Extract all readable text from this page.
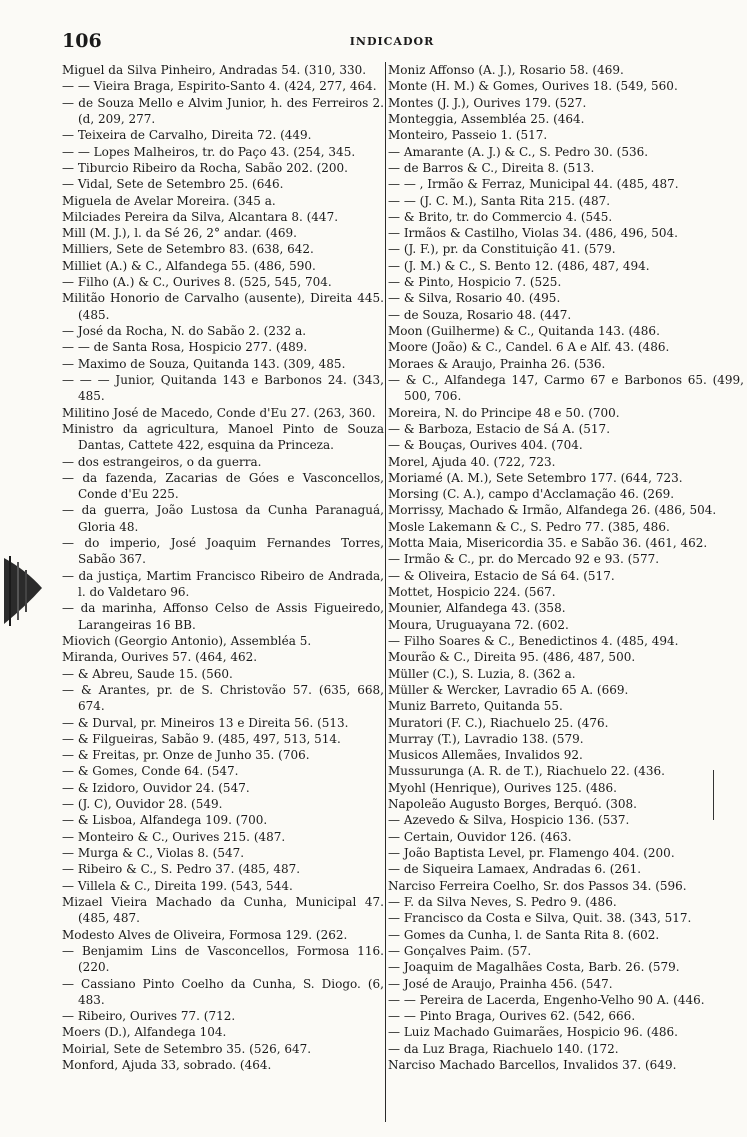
106	INDICADOR
Miguel da Silva Pinheiro, Andradas 54. (310, 330.
— — Vieira Braga, Espirito-Santo 4. (424, 277, 464.
— de Souza Mello e Alvim Junior, h. des Ferreiros 2. (d, 209, 277.
— Teixeira de Carvalho, Direita 72. (449.
— — Lopes Malheiros, tr. do Paço 43. (254, 345.
— Tiburcio Ribeiro da Rocha, Sabão 202. (200.
— Vidal, Sete de Setembro 25. (646.
Miguela de Avelar Moreira. (345 a.
Milciades Pereira da Silva, Alcantara 8. (447.
Mill (M. J.), l. da Sé 26, 2° andar. (469.
Milliers, Sete de Setembro 83. (638, 642.
Milliet (A.) & C., Alfandega 55. (486, 590.
— Filho (A.) & C., Ourives 8. (525, 545, 704.
Militão Honorio de Carvalho (ausente), Direita 445. (485.
— José da Rocha, N. do Sabão 2. (232 a.
— — de Santa Rosa, Hospicio 277. (489.
— Maximo de Souza, Quitanda 143. (309, 485.
— — — Junior, Quitanda 143 e Barbonos 24. (343, 485.
Militino José de Macedo, Conde d'Eu 27. (263, 360.
Ministro da agricultura, Manoel Pinto de Souza Dantas, Cattete 422, esquina da Princeza.
— dos estrangeiros, o da guerra.
— da fazenda, Zacarias de Góes e Vasconcellos, Conde d'Eu 225.
— da guerra, João Lustosa da Cunha Paranaguá, Gloria 48.
— do imperio, José Joaquim Fernandes Torres, Sabão 367.
— da justiça, Martim Francisco Ribeiro de Andrada, l. do Valdetaro 96.
— da marinha, Affonso Celso de Assis Figueiredo, Larangeiras 16 BB.
Miovich (Georgio Antonio), Assembléa 5.
Miranda, Ourives 57. (464, 462.
— & Abreu, Saude 15. (560.
— & Arantes, pr. de S. Christovão 57. (635, 668, 674.
— & Durval, pr. Mineiros 13 e Direita 56. (513.
— & Filgueiras, Sabão 9. (485, 497, 513, 514.
— & Freitas, pr. Onze de Junho 35. (706.
— & Gomes, Conde 64. (547.
— & Izidoro, Ouvidor 24. (547.
— (J. C), Ouvidor 28. (549.
— & Lisboa, Alfandega 109. (700.
— Monteiro & C., Ourives 215. (487.
— Murga & C., Violas 8. (547.
— Ribeiro & C., S. Pedro 37. (485, 487.
— Villela & C., Direita 199. (543, 544.
Mizael Vieira Machado da Cunha, Municipal 47. (485, 487.
Modesto Alves de Oliveira, Formosa 129. (262.
— Benjamim Lins de Vasconcellos, Formosa 116. (220.
— Cassiano Pinto Coelho da Cunha, S. Diogo. (6, 483.
— Ribeiro, Ourives 77. (712.
Moers (D.), Alfandega 104.
Moirial, Sete de Setembro 35. (526, 647.
Monford, Ajuda 33, sobrado. (464.
Moniz Affonso (A. J.), Rosario 58. (469.
Monte (H. M.) & Gomes, Ourives 18. (549, 560.
Montes (J. J.), Ourives 179. (527.
Monteggia, Assembléa 25. (464.
Monteiro, Passeio 1. (517.
— Amarante (A. J.) & C., S. Pedro 30. (536.
— de Barros & C., Direita 8. (513.
— — , Irmão & Ferraz, Municipal 44. (485, 487.
— — (J. C. M.), Santa Rita 215. (487.
— & Brito, tr. do Commercio 4. (545.
— Irmãos & Castilho, Violas 34. (486, 496, 504.
— (J. F.), pr. da Constituição 41. (579.
— (J. M.) & C., S. Bento 12. (486, 487, 494.
— & Pinto, Hospicio 7. (525.
— & Silva, Rosario 40. (495.
— de Souza, Rosario 48. (447.
Moon (Guilherme) & C., Quitanda 143. (486.
Moore (João) & C., Candel. 6 A e Alf. 43. (486.
Moraes & Araujo, Prainha 26. (536.
— & C., Alfandega 147, Carmo 67 e Barbonos 65. (499, 500, 706.
Moreira, N. do Principe 48 e 50. (700.
— & Barboza, Estacio de Sá A. (517.
— & Bouças, Ourives 404. (704.
Morel, Ajuda 40. (722, 723.
Moriamé (A. M.), Sete Setembro 177. (644, 723.
Morsing (C. A.), campo d'Acclamação 46. (269.
Morrissy, Machado & Irmão, Alfandega 26. (486, 504.
Mosle Lakemann & C., S. Pedro 77. (385, 486.
Motta Maia, Misericordia 35. e Sabão 36. (461, 462.
— Irmão & C., pr. do Mercado 92 e 93. (577.
— & Oliveira, Estacio de Sá 64. (517.
Mottet, Hospicio 224. (567.
Mounier, Alfandega 43. (358.
Moura, Uruguayana 72. (602.
— Filho Soares & C., Benedictinos 4. (485, 494.
Mourão & C., Direita 95. (486, 487, 500.
Müller (C.), S. Luzia, 8. (362 a.
Müller & Wercker, Lavradio 65 A. (669.
Muniz Barreto, Quitanda 55.
Muratori (F. C.), Riachuelo 25. (476.
Murray (T.), Lavradio 138. (579.
Musicos Allemães, Invalidos 92.
Mussurunga (A. R. de T.), Riachuelo 22. (436.
Myohl (Henrique), Ourives 125. (486.
Napoleão Augusto Borges, Berquó. (308.
— Azevedo & Silva, Hospicio 136. (537.
— Certain, Ouvidor 126. (463.
— João Baptista Level, pr. Flamengo 404. (200.
— de Siqueira Lamaex, Andradas 6. (261.
Narciso Ferreira Coelho, Sr. dos Passos 34. (596.
— F. da Silva Neves, S. Pedro 9. (486.
— Francisco da Costa e Silva, Quit. 38. (343, 517.
— Gomes da Cunha, l. de Santa Rita 8. (602.
— Gonçalves Paim. (57.
— Joaquim de Magalhães Costa, Barb. 26. (579.
— José de Araujo, Prainha 456. (547.
— — Pereira de Lacerda, Engenho-Velho 90 A. (446.
— — Pinto Braga, Ourives 62. (542, 666.
— Luiz Machado Guimarães, Hospicio 96. (486.
— da Luz Braga, Riachuelo 140. (172.
Narciso Machado Barcellos, Invalidos 37. (649.
